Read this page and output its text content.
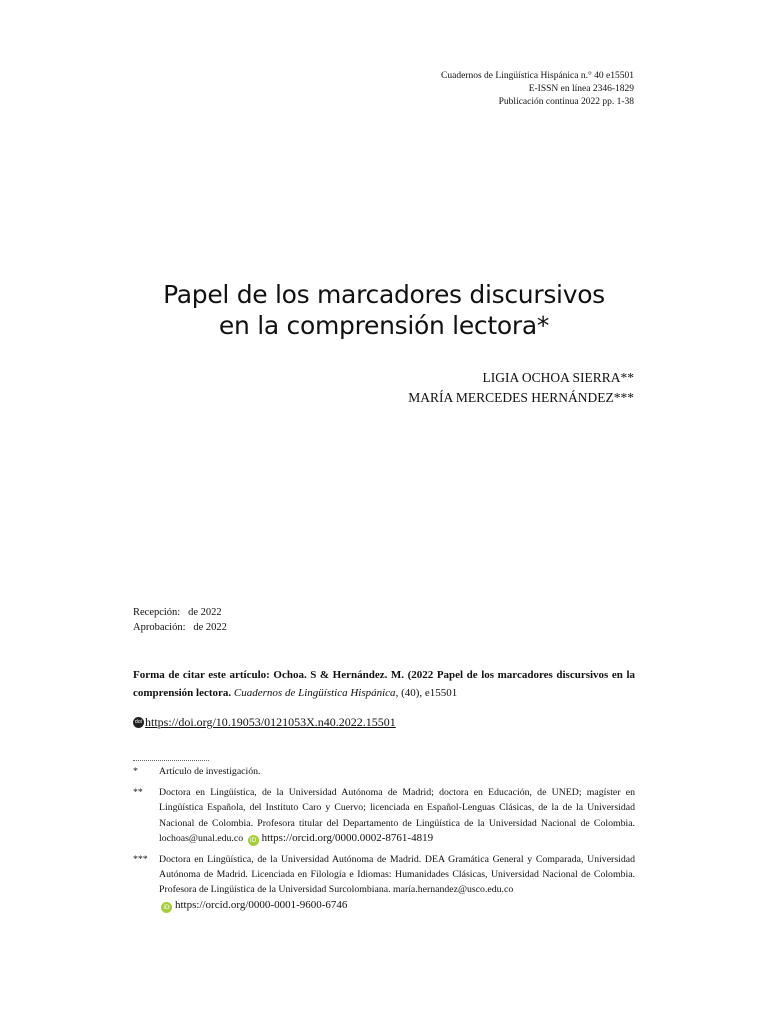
Cuadernos de Lingüística Hispánica n.° 40 e15501
E-ISSN en línea 2346-1829
Publicación continua 2022 pp. 1-38
Papel de los marcadores discursivos
en la comprensión lectora*
LIGIA OCHOA SIERRA**
MARÍA MERCEDES HERNÁNDEZ***
Recepción:   de 2022
Aprobación:   de 2022
Forma de citar este artículo: Ochoa. S & Hernández. M. (2022 Papel de los marcadores discursivos en la comprensión lectora. Cuadernos de Lingüística Hispánica, (40), e15501
doi https://doi.org/10.19053/0121053X.n40.2022.15501
*	Artículo de investigación.
**	Doctora en Lingüística, de la Universidad Autónoma de Madrid; doctora en Educación, de UNED; magíster en Lingüística Española, del Instituto Caro y Cuervo; licenciada en Español-Lenguas Clásicas, de la de la Universidad Nacional de Colombia. Profesora titular del Departamento de Lingüística de la Universidad Nacional de Colombia. lochoas@unal.edu.co iD https://orcid.org/0000.0002-8761-4819
***	Doctora en Lingüística, de la Universidad Autónoma de Madrid. DEA Gramática General y Comparada, Universidad Autónoma de Madrid. Licenciada en Filología e Idiomas: Humanidades Clásicas, Universidad Nacional de Colombia. Profesora de Lingüística de la Universidad Surcolombiana. maría.hernandez@usco.edu.co
iD https://orcid.org/0000-0001-9600-6746
